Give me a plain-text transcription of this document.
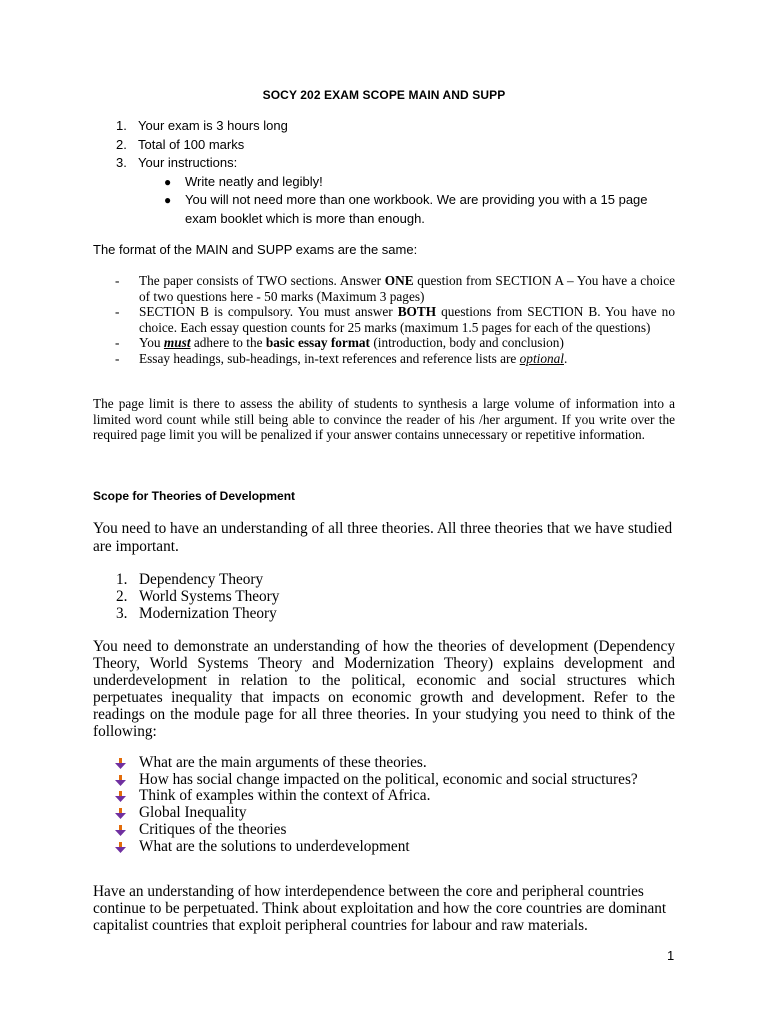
SOCY 202 EXAM SCOPE MAIN AND SUPP
1. Your exam is 3 hours long
2. Total of 100 marks
3. Your instructions:
● Write neatly and legibly!
● You will not need more than one workbook. We are providing you with a 15 page exam booklet which is more than enough.
The format of the MAIN and SUPP exams are the same:
- The paper consists of TWO sections. Answer ONE question from SECTION A – You have a choice of two questions here - 50 marks (Maximum 3 pages)
- SECTION B is compulsory. You must answer BOTH questions from SECTION B. You have no choice. Each essay question counts for 25 marks (maximum 1.5 pages for each of the questions)
- You must adhere to the basic essay format (introduction, body and conclusion)
- Essay headings, sub-headings, in-text references and reference lists are optional.

The page limit is there to assess the ability of students to synthesis a large volume of information into a limited word count while still being able to convince the reader of his /her argument. If you write over the required page limit you will be penalized if your answer contains unnecessary or repetitive information.

Scope for Theories of Development

You need to have an understanding of all three theories. All three theories that we have studied are important.

1. Dependency Theory
2. World Systems Theory
3. Modernization Theory

You need to demonstrate an understanding of how the theories of development (Dependency Theory, World Systems Theory and Modernization Theory) explains development and underdevelopment in relation to the political, economic and social structures which perpetuates inequality that impacts on economic growth and development. Refer to the readings on the module page for all three theories. In your studying you need to think of the following:

What are the main arguments of these theories.
How has social change impacted on the political, economic and social structures?
Think of examples within the context of Africa.
Global Inequality
Critiques of the theories
What are the solutions to underdevelopment

Have an understanding of how interdependence between the core and peripheral countries continue to be perpetuated. Think about exploitation and how the core countries are dominant capitalist countries that exploit peripheral countries for labour and raw materials.

1
